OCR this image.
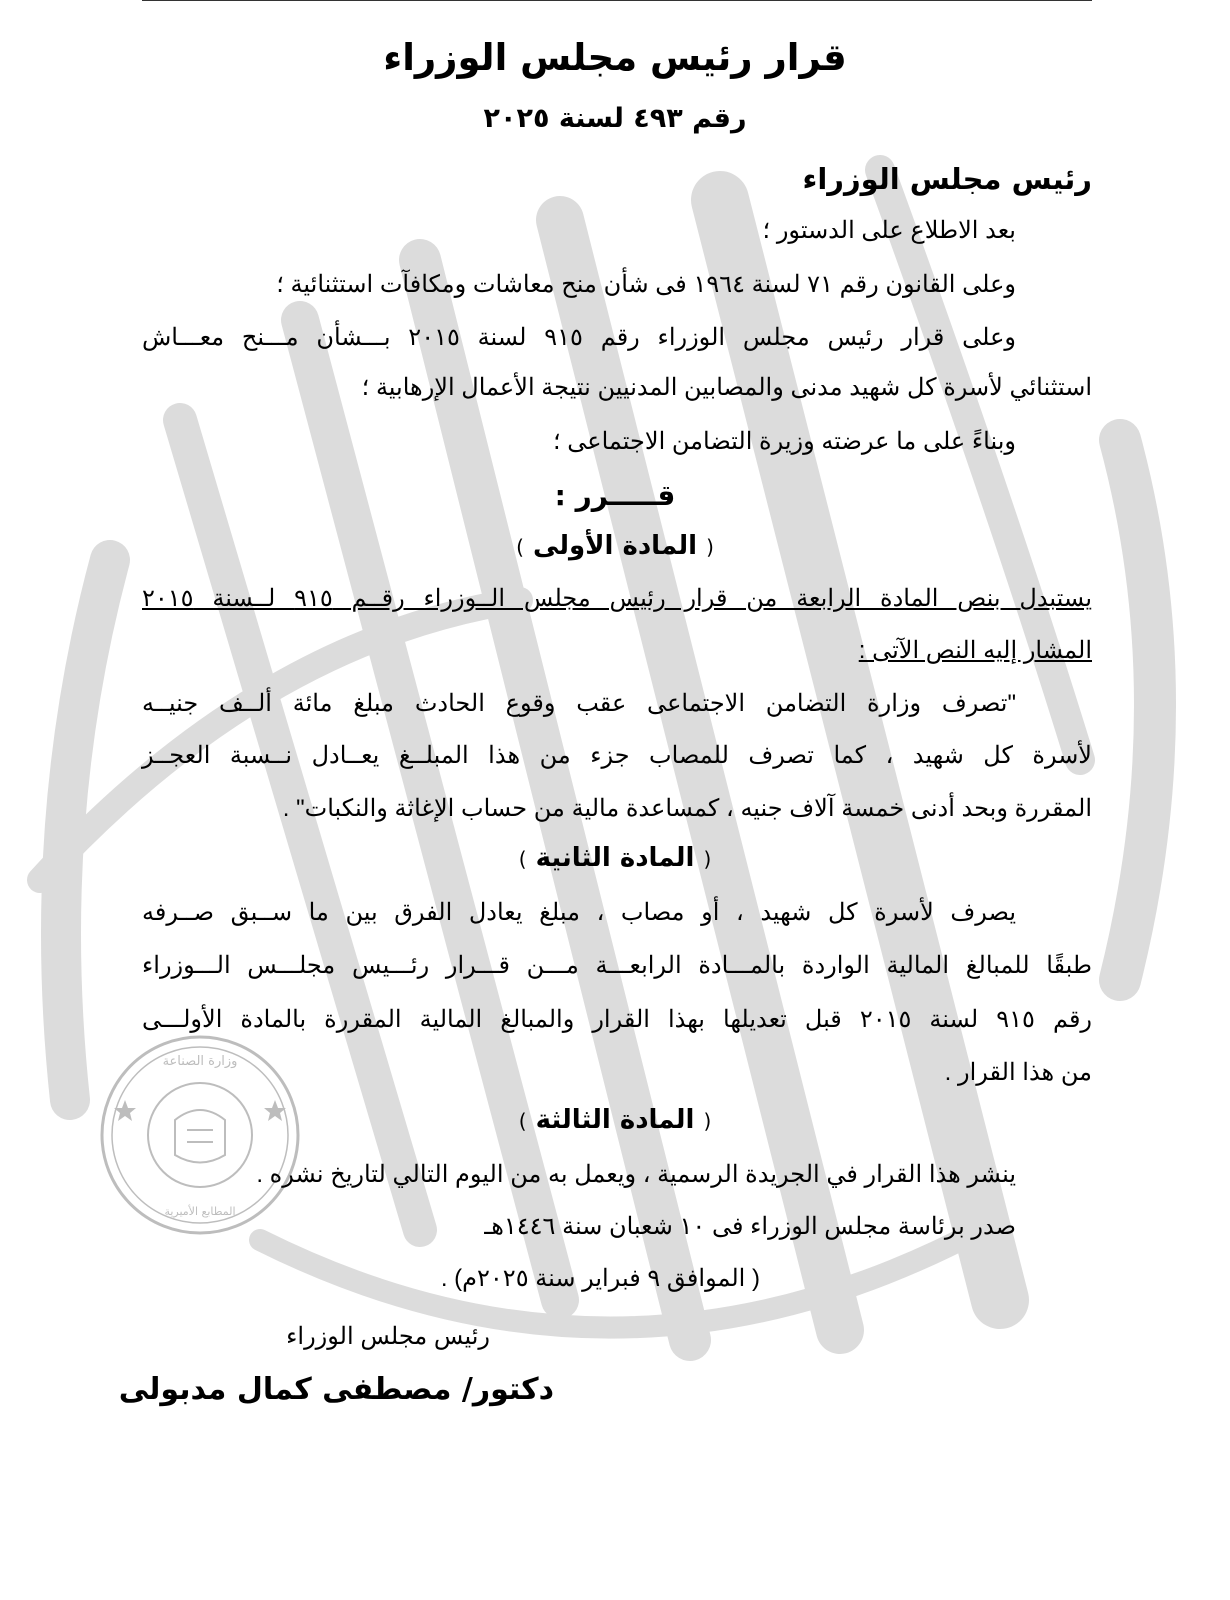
وزارة الصناعة
المطابع الأميرية
قرار رئيس مجلس الوزراء
رقم ٤٩٣ لسنة ٢٠٢٥
رئيس مجلس الوزراء
بعد الاطلاع على الدستور ؛
وعلى القانون رقم ٧١ لسنة ١٩٦٤ فى شأن منح معاشات ومكافآت استثنائية ؛
وعلى قرار رئيس مجلس الوزراء رقم ٩١٥ لسنة ٢٠١٥ بـــشأن مـــنح معـــاش
استثنائي لأسرة كل شهيد مدنى والمصابين المدنيين نتيجة الأعمال الإرهابية ؛
وبناءً على ما عرضته وزيرة التضامن الاجتماعى ؛
قـــــرر :
( المادة الأولى )
يستبدل بنص المادة الرابعة من قرار رئيس مجلس الــوزراء رقــم ٩١٥ لــسنة ٢٠١٥
المشار إليه النص الآتى :
"تصرف وزارة التضامن الاجتماعى عقب وقوع الحادث مبلغ مائة ألــف جنيــه
لأسرة كل شهيد ، كما تصرف للمصاب جزء من هذا المبلــغ يعــادل نــسبة العجــز
المقررة وبحد أدنى خمسة آلاف جنيه ، كمساعدة مالية من حساب الإغاثة والنكبات" .
( المادة الثانية )
يصرف لأسرة كل شهيد ، أو مصاب ، مبلغ يعادل الفرق بين ما ســبق صــرفه
طبقًا للمبالغ المالية الواردة بالمـــادة الرابعـــة مـــن قـــرار رئـــيس مجلـــس الـــوزراء
رقم ٩١٥ لسنة ٢٠١٥ قبل تعديلها بهذا القرار والمبالغ المالية المقررة بالمادة الأولـــى
من هذا القرار .
( المادة الثالثة )
ينشر هذا القرار في الجريدة الرسمية ، ويعمل به من اليوم التالي لتاريخ نشره .
صدر برئاسة مجلس الوزراء فى ١٠ شعبان سنة ١٤٤٦هـ
( الموافق ٩ فبراير سنة ٢٠٢٥م) .
رئيس مجلس الوزراء
دكتور/ مصطفى كمال مدبولى
